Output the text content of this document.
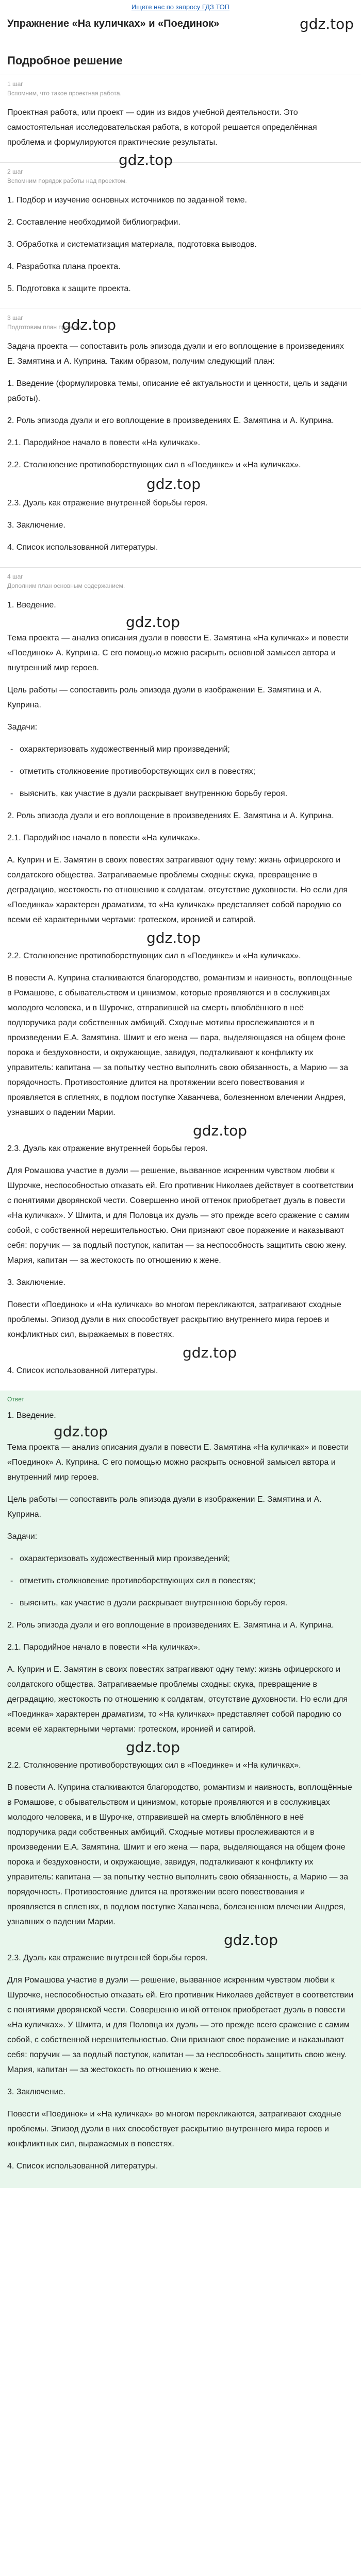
Ищете нас по запросу ГДЗ ТОП
Упражнение «На куличках» и «Поединок»	gdz.top
Подробное решение
1 шаг
Вспомним, что такое проектная работа.

Проектная работа, или проект — один из видов учебной деятельности. Это самостоятельная исследовательская работа, в которой решается определённая проблема и формулируются практические результаты.

gdz.top
2 шаг
Вспомним порядок работы над проектом.

1. Подбор и изучение основных источников по заданной теме.

2. Составление необходимой библиографии.

3. Обработка и систематизация материала, подготовка выводов.

4. Разработка плана проекта.

5. Подготовка к защите проекта.

gdz.top
3 шаг
Подготовим план проекта.

Задача проекта — сопоставить роль эпизода дуэли и его воплощение в произведениях Е. Замятина и А. Куприна. Таким образом, получим следующий план:

1. Введение (формулировка темы, описание её актуальности и ценности, цель и задачи работы).

2. Роль эпизода дуэли и его воплощение в произведениях Е. Замятина и А. Куприна.

2.1. Пародийное начало в повести «На куличках».

2.2. Столкновение противоборствующих сил в «Поединке» и «На куличках».

gdz.top

2.3. Дуэль как отражение внутренней борьбы героя.

3. Заключение.

4. Список использованной литературы.

4 шаг
Дополним план основным содержанием.

1. Введение.

gdz.top

Тема проекта — анализ описания дуэли в повести Е. Замятина «На куличках» и повести «Поединок» А. Куприна. С его помощью можно раскрыть основной замысел автора и внутренний мир героев.

Цель работы — сопоставить роль эпизода дуэли в изображении Е. Замятина и А. Куприна.

Задачи:

- охарактеризовать художественный мир произведений;
- отметить столкновение противоборствующих сил в повестях;
- выяснить, как участие в дуэли раскрывает внутреннюю борьбу героя.

2. Роль эпизода дуэли и его воплощение в произведениях Е. Замятина и А. Куприна.

2.1. Пародийное начало в повести «На куличках».

А. Куприн и Е. Замятин в своих повестях затрагивают одну тему: жизнь офицерского и солдатского общества. Затрагиваемые проблемы сходны: скука, превращение в деградацию, жестокость по отношению к солдатам, отсутствие духовности. Но если для «Поединка» характерен драматизм, то «На куличках» представляет собой пародию со всеми её характерными чертами: гротеском, иронией и сатирой.

gdz.top

2.2. Столкновение противоборствующих сил в «Поединке» и «На куличках».

В повести А. Куприна сталкиваются благородство, романтизм и наивность, воплощённые в Ромашове, с обывательством и цинизмом, которые проявляются и в сослуживцах молодого человека, и в Шурочке, отправившей на смерть влюблённого в неё подпоручика ради собственных амбиций. Сходные мотивы прослеживаются и в произведении Е.А. Замятина. Шмит и его жена — пара, выделяющаяся на общем фоне порока и бездуховности, и окружающие, завидуя, подталкивают к конфликту их управитель: капитана — за попытку честно выполнить свою обязанность, а Марию — за порядочность. Противостояние длится на протяжении всего повествования и проявляется в сплетнях, в подлом поступке Хаванчева, болезненном влечении Андрея, узнавших о падении Марии.

gdz.top

2.3. Дуэль как отражение внутренней борьбы героя.

Для Ромашова участие в дуэли — решение, вызванное искренним чувством любви к Шурочке, неспособностью отказать ей. Его противник Николаев действует в соответствии с понятиями дворянской чести. Совершенно иной оттенок приобретает дуэль в повести «На куличках». У Шмита, и для Половца их дуэль — это прежде всего сражение с самим собой, с собственной нерешительностью. Они признают свое поражение и наказывают себя: поручик — за подлый поступок, капитан — за неспособность защитить свою жену. Мария, капитан — за жестокость по отношению к жене.

3. Заключение.

Повести «Поединок» и «На куличках» во многом перекликаются, затрагивают сходные проблемы. Эпизод дуэли в них способствует раскрытию внутреннего мира героев и конфликтных сил, выражаемых в повестях.

gdz.top

4. Список использованной литературы.

Ответ

1. Введение.

gdz.top

Тема проекта — анализ описания дуэли в повести Е. Замятина «На куличках» и повести «Поединок» А. Куприна. С его помощью можно раскрыть основной замысел автора и внутренний мир героев.

Цель работы — сопоставить роль эпизода дуэли в изображении Е. Замятина и А. Куприна.

Задачи:

- охарактеризовать художественный мир произведений;
- отметить столкновение противоборствующих сил в повестях;
- выяснить, как участие в дуэли раскрывает внутреннюю борьбу героя.

2. Роль эпизода дуэли и его воплощение в произведениях Е. Замятина и А. Куприна.

2.1. Пародийное начало в повести «На куличках».

А. Куприн и Е. Замятин в своих повестях затрагивают одну тему: жизнь офицерского и солдатского общества. Затрагиваемые проблемы сходны: скука, превращение в деградацию, жестокость по отношению к солдатам, отсутствие духовности. Но если для «Поединка» характерен драматизм, то «На куличках» представляет собой пародию со всеми её характерными чертами: гротеском, иронией и сатирой.

gdz.top

2.2. Столкновение противоборствующих сил в «Поединке» и «На куличках».

В повести А. Куприна сталкиваются благородство, романтизм и наивность, воплощённые в Ромашове, с обывательством и цинизмом, которые проявляются и в сослуживцах молодого человека, и в Шурочке, отправившей на смерть влюблённого в неё подпоручика ради собственных амбиций. Сходные мотивы прослеживаются и в произведении Е.А. Замятина. Шмит и его жена — пара, выделяющаяся на общем фоне порока и бездуховности, и окружающие, завидуя, подталкивают к конфликту их управитель: капитана — за попытку честно выполнить свою обязанность, а Марию — за порядочность. Противостояние длится на протяжении всего повествования и проявляется в сплетнях, в подлом поступке Хаванчева, болезненном влечении Андрея, узнавших о падении Марии.

gdz.top

2.3. Дуэль как отражение внутренней борьбы героя.

Для Ромашова участие в дуэли — решение, вызванное искренним чувством любви к Шурочке, неспособностью отказать ей. Его противник Николаев действует в соответствии с понятиями дворянской чести. Совершенно иной оттенок приобретает дуэль в повести «На куличках». У Шмита, и для Половца их дуэль — это прежде всего сражение с самим собой, с собственной нерешительностью. Они признают свое поражение и наказывают себя: поручик — за подлый поступок, капитан — за неспособность защитить свою жену. Мария, капитан — за жестокость по отношению к жене.

3. Заключение.

Повести «Поединок» и «На куличках» во многом перекликаются, затрагивают сходные проблемы. Эпизод дуэли в них способствует раскрытию внутреннего мира героев и конфликтных сил, выражаемых в повестях.

4. Список использованной литературы.
